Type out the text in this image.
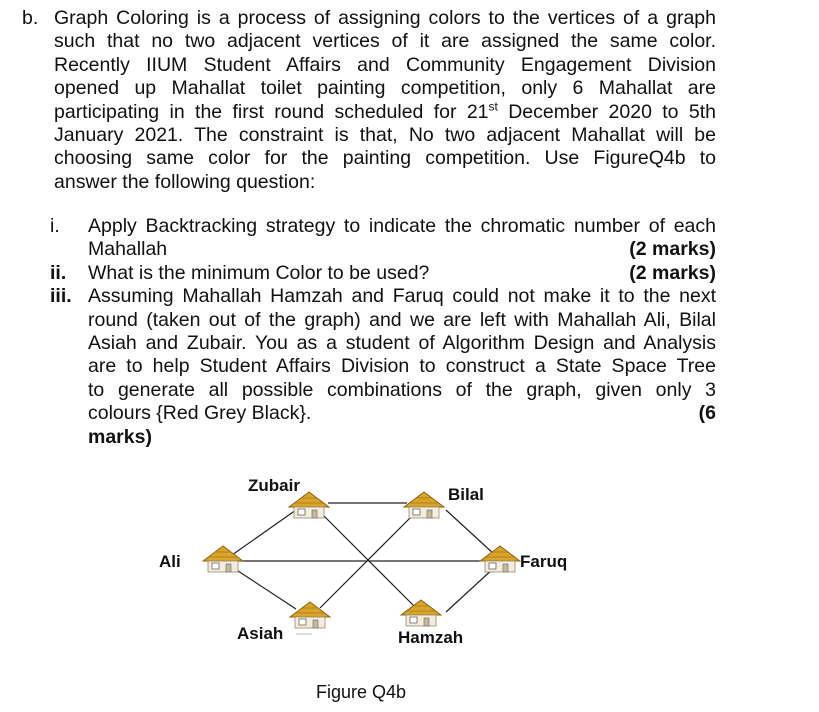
b. Graph Coloring is a process of assigning colors to the vertices of a graph
such that no two adjacent vertices of it are assigned the same color.
Recently IIUM Student Affairs and Community Engagement Division
opened up Mahallat toilet painting competition, only 6 Mahallat are
participating in the first round scheduled for 21st December 2020 to 5th
January 2021. The constraint is that, No two adjacent Mahallat will be
choosing same color for the painting competition. Use FigureQ4b to
answer the following question:
i. Apply Backtracking strategy to indicate the chromatic number of each
Mahallah	(2 marks)
ii. What is the minimum Color to be used?	(2 marks)
iii. Assuming Mahallah Hamzah and Faruq could not make it to the next
round (taken out of the graph) and we are left with Mahallah Ali, Bilal
Asiah and Zubair. You as a student of Algorithm Design and Analysis
are to help Student Affairs Division to construct a State Space Tree
to generate all possible combinations of the graph, given only 3
colours {Red Grey Black}.	(6
marks)
Zubair	Bilal
Ali	Faruq
Asiah	Hamzah
Figure Q4b
